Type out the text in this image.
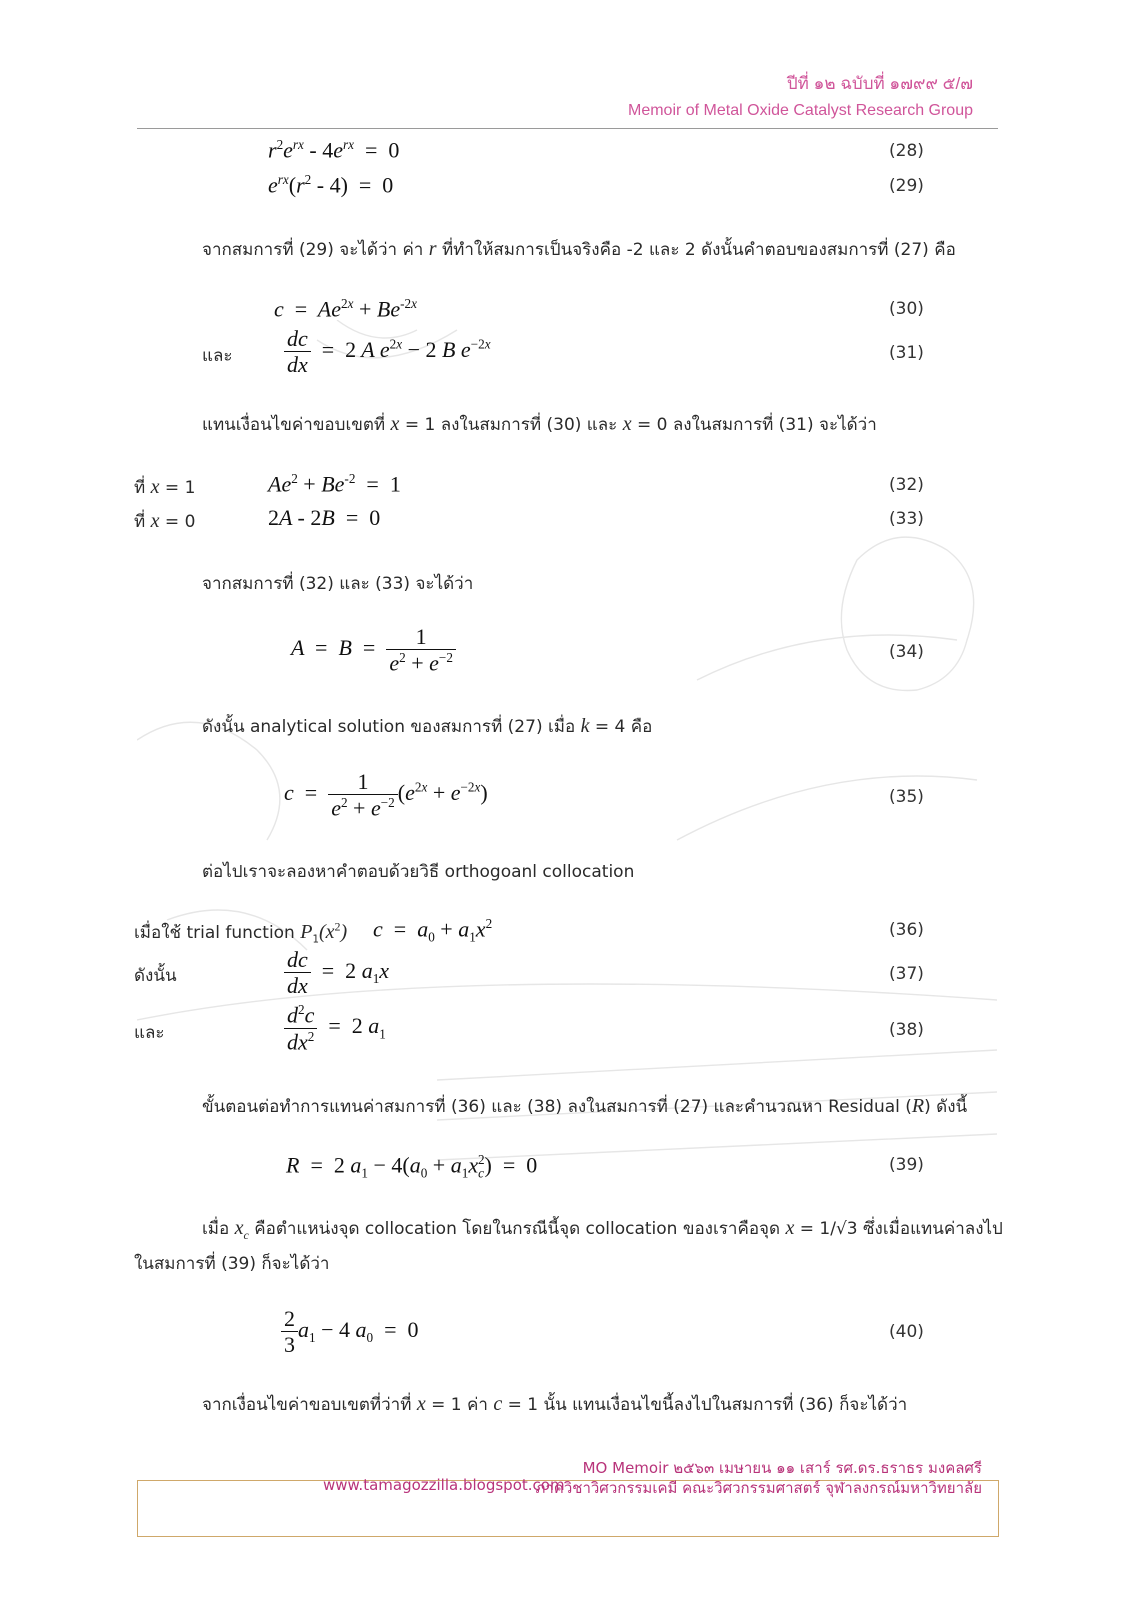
ปีที่ ๑๒ ฉบับที่ ๑๗๙๙ ๕/๗
Memoir of Metal Oxide Catalyst Research Group
$r^2e^{rx} - 4e^{rx} = 0$	(28)
$e^{rx}(r^2 - 4) = 0$	(29)
จากสมการที่ (29) จะได้ว่า ค่า r ที่ทำให้สมการเป็นจริงคือ -2 และ 2 ดังนั้นคำตอบของสมการที่ (27) คือ
$c = Ae^{2x} + Be^{-2x}$	(30)
และ $\frac{dc}{dx} = 2$ A $e^{2x} - 2$ B $e^{-2x}$	(31)
แทนเงื่อนไขค่าขอบเขตที่ x = 1 ลงในสมการที่ (30) และ x = 0 ลงในสมการที่ (31) จะได้ว่า
ที่ x = 1	$Ae^2 + Be^{-2} = 1$	(32)
ที่ x = 0	2A - 2B  =  0	(33)
จากสมการที่ (32) และ (33) จะได้ว่า
$A = B = \frac{1}{e^2 + e^{-2}}$	(34)
ดังนั้น analytical solution ของสมการที่ (27) เมื่อ k = 4 คือ
$c = \frac{1}{e^2 + e^{-2}} (e^{2x} + e^{-2x})$	(35)
ต่อไปเราจะลองหาคำตอบด้วยวิธี orthogoanl collocation
เมื่อใช้ trial function $P_1(x^2) c = a_0 + a_1x^2$	(36)
ดังนั้น	$\frac{dc}{dx} = 2$ $a_1x$	(37)
และ	$\frac{d^2c}{dx^2} = 2$ $a_1$	(38)
ขั้นตอนต่อทำการแทนค่าสมการที่ (36) และ (38) ลงในสมการที่ (27) และคำนวณหา Residual (R) ดังนี้
R  =  2 $a_1 - 4(a_0 + a_1x_c^2) = 0$	(39)
เมื่อ $x_c$ คือตำแหน่งจุด collocation โดยในกรณีนี้จุด collocation ของเราคือจุด x = 1/√3 ซึ่งเมื่อแทนค่าลงไป
ในสมการที่ (39) ก็จะได้ว่า
$\frac{2}{3} a_1 - 4$ $a_0 = 0$	(40)
จากเงื่อนไขค่าขอบเขตที่ว่าที่ x = 1 ค่า c = 1 นั้น แทนเงื่อนไขนี้ลงไปในสมการที่ (36) ก็จะได้ว่า
MO Memoir ๒๕๖๓ เมษายน ๑๑ เสาร์ รศ.ดร.ธราธร มงคลศรี
www.tamagozzilla.blogspot.com
ภาควิชาวิศวกรรมเคมี คณะวิศวกรรมศาสตร์ จุฬาลงกรณ์มหาวิทยาลัย
